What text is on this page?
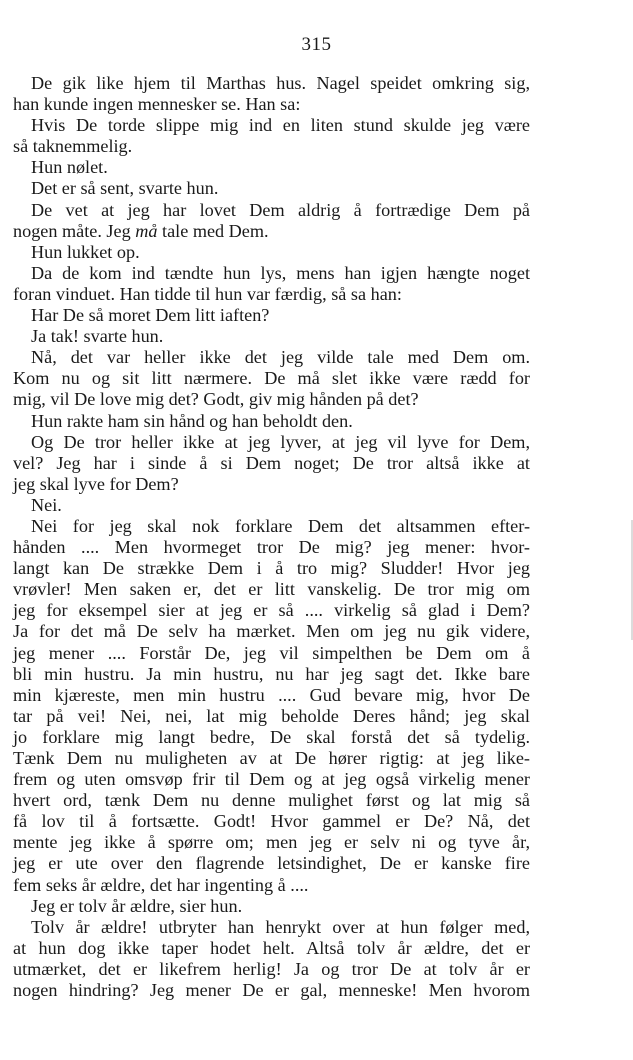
315
De gik like hjem til Marthas hus. Nagel speidet omkring sig,
han kunde ingen mennesker se. Han sa:
Hvis De torde slippe mig ind en liten stund skulde jeg være
så taknemmelig.
Hun nølet.
Det er så sent, svarte hun.
De vet at jeg har lovet Dem aldrig å fortrædige Dem på
nogen måte. Jeg må tale med Dem.
Hun lukket op.
Da de kom ind tændte hun lys, mens han igjen hængte noget
foran vinduet. Han tidde til hun var færdig, så sa han:
Har De så moret Dem litt iaften?
Ja tak! svarte hun.
Nå, det var heller ikke det jeg vilde tale med Dem om.
Kom nu og sit litt nærmere. De må slet ikke være rædd for
mig, vil De love mig det? Godt, giv mig hånden på det?
Hun rakte ham sin hånd og han beholdt den.
Og De tror heller ikke at jeg lyver, at jeg vil lyve for Dem,
vel? Jeg har i sinde å si Dem noget; De tror altså ikke at
jeg skal lyve for Dem?
Nei.
Nei for jeg skal nok forklare Dem det altsammen efter-
hånden .... Men hvormeget tror De mig? jeg mener: hvor-
langt kan De strække Dem i å tro mig? Sludder! Hvor jeg
vrøvler! Men saken er, det er litt vanskelig. De tror mig om
jeg for eksempel sier at jeg er så .... virkelig så glad i Dem?
Ja for det må De selv ha mærket. Men om jeg nu gik videre,
jeg mener .... Forstår De, jeg vil simpelthen be Dem om å
bli min hustru. Ja min hustru, nu har jeg sagt det. Ikke bare
min kjæreste, men min hustru .... Gud bevare mig, hvor De
tar på vei! Nei, nei, lat mig beholde Deres hånd; jeg skal
jo forklare mig langt bedre, De skal forstå det så tydelig.
Tænk Dem nu muligheten av at De hører rigtig: at jeg like-
frem og uten omsvøp frir til Dem og at jeg også virkelig mener
hvert ord, tænk Dem nu denne mulighet først og lat mig så
få lov til å fortsætte. Godt! Hvor gammel er De? Nå, det
mente jeg ikke å spørre om; men jeg er selv ni og tyve år,
jeg er ute over den flagrende letsindighet, De er kanske fire
fem seks år ældre, det har ingenting å ....
Jeg er tolv år ældre, sier hun.
Tolv år ældre! utbryter han henrykt over at hun følger med,
at hun dog ikke taper hodet helt. Altså tolv år ældre, det er
utmærket, det er likefrem herlig! Ja og tror De at tolv år er
nogen hindring? Jeg mener De er gal, menneske! Men hvorom
